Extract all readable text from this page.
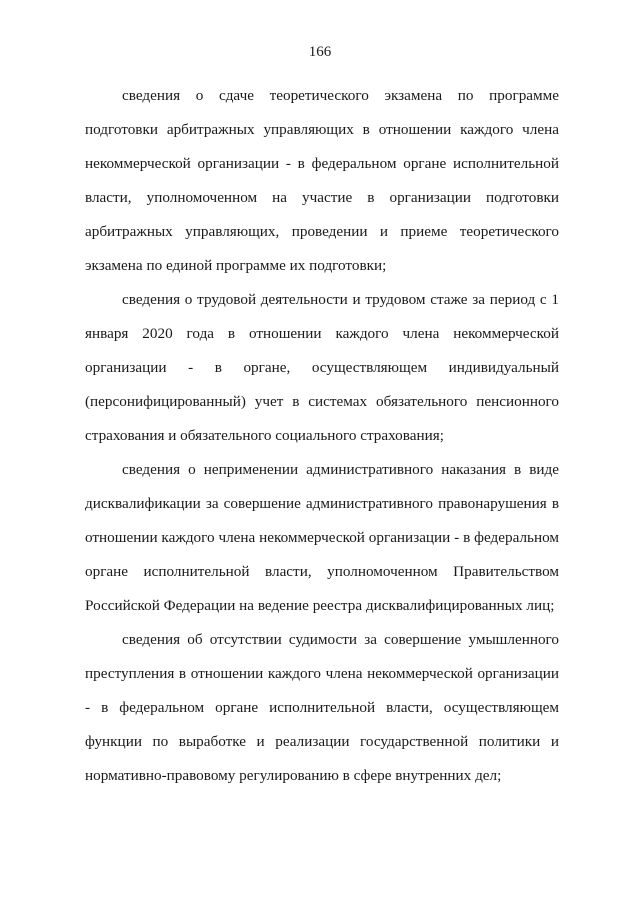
166

сведения о сдаче теоретического экзамена по программе подготовки арбитражных управляющих в отношении каждого члена некоммерческой организации - в федеральном органе исполнительной власти, уполномоченном на участие в организации подготовки арбитражных управляющих, проведении и приеме теоретического экзамена по единой программе их подготовки;

сведения о трудовой деятельности и трудовом стаже за период с 1 января 2020 года в отношении каждого члена некоммерческой организации - в органе, осуществляющем индивидуальный (персонифицированный) учет в системах обязательного пенсионного страхования и обязательного социального страхования;

сведения о неприменении административного наказания в виде дисквалификации за совершение административного правонарушения в отношении каждого члена некоммерческой организации - в федеральном органе исполнительной власти, уполномоченном Правительством Российской Федерации на ведение реестра дисквалифицированных лиц;

сведения об отсутствии судимости за совершение умышленного преступления в отношении каждого члена некоммерческой организации - в федеральном органе исполнительной власти, осуществляющем функции по выработке и реализации государственной политики и нормативно-правовому регулированию в сфере внутренних дел;
